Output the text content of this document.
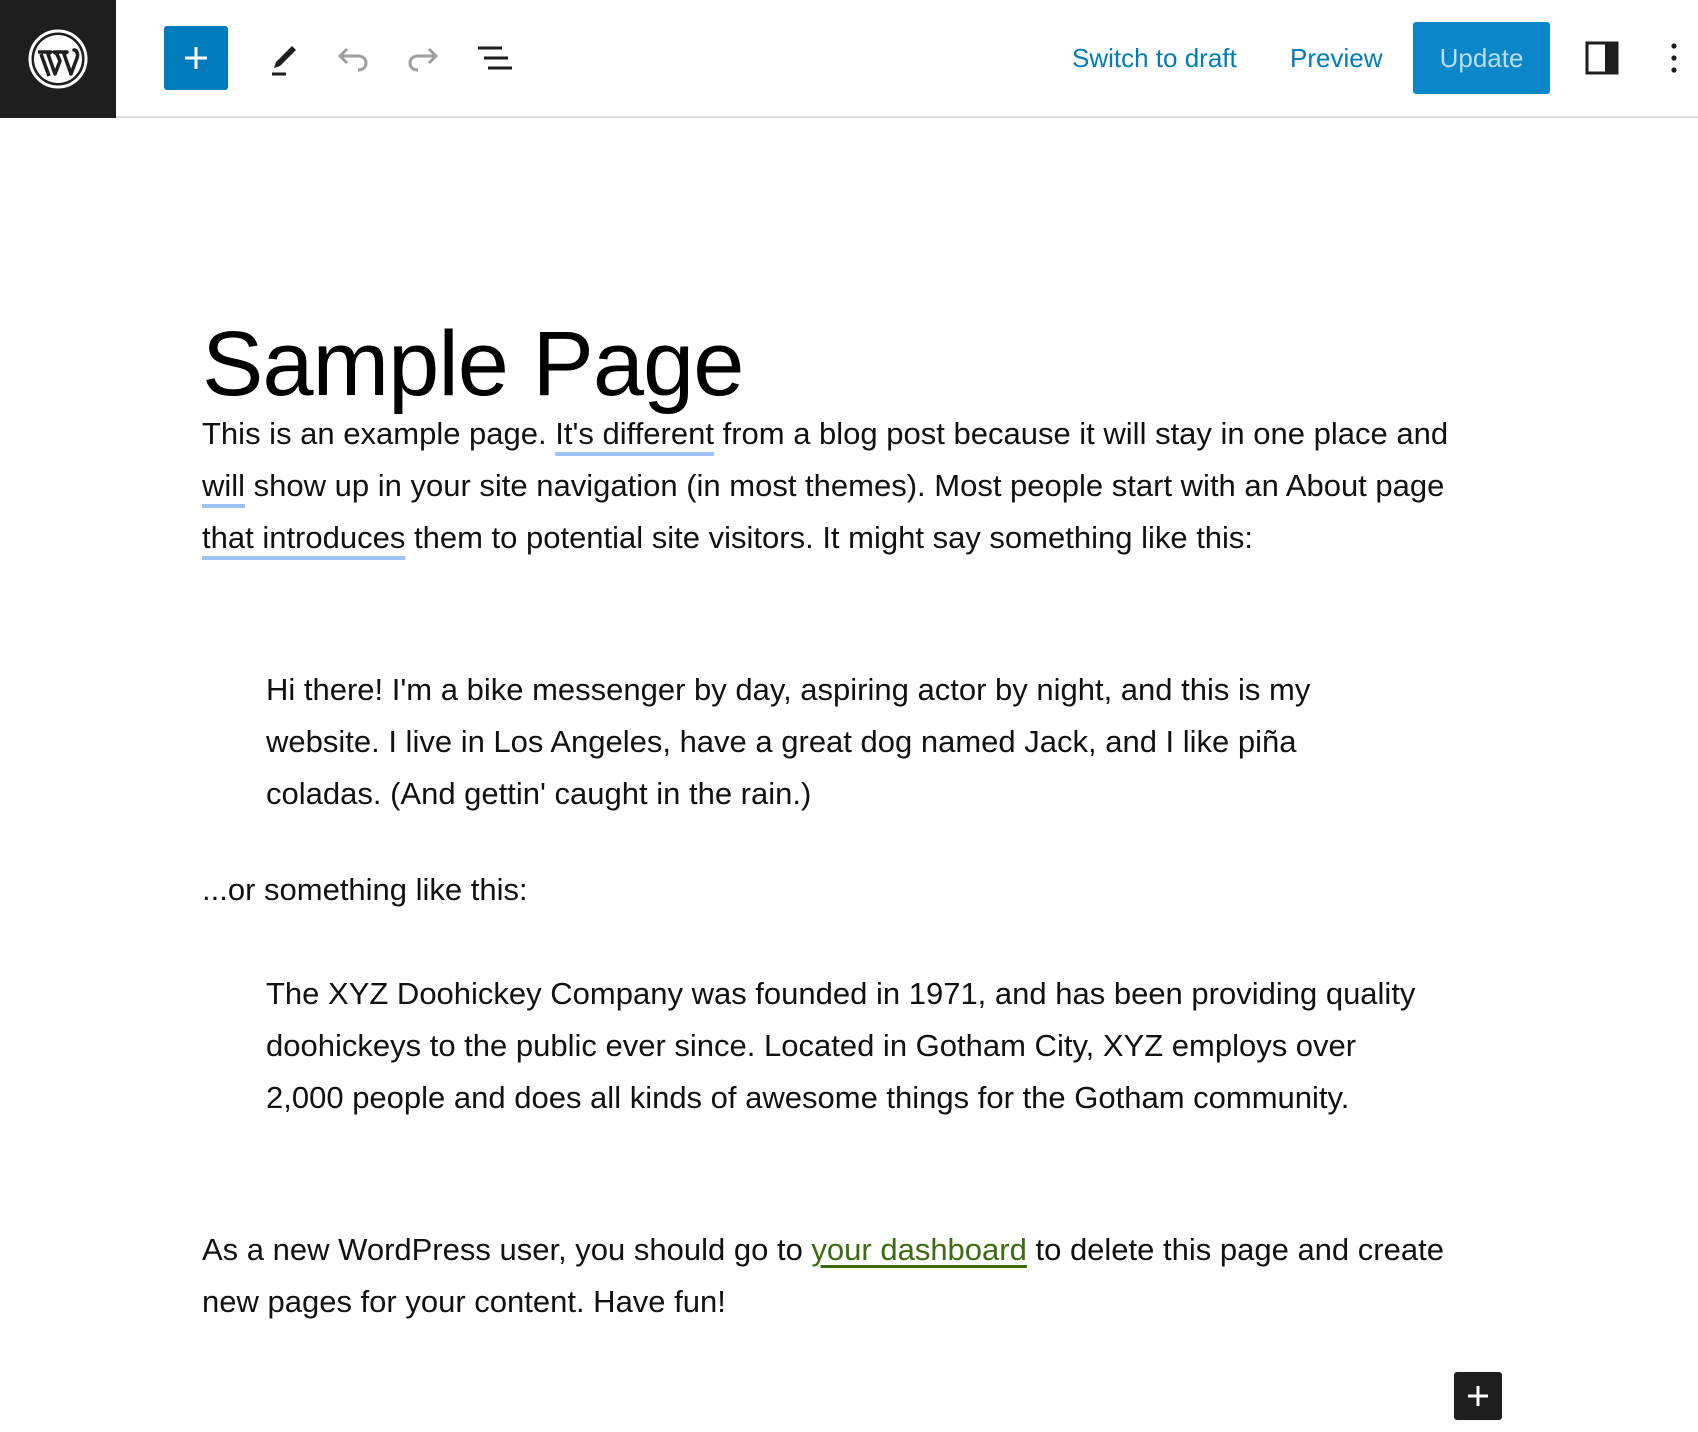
Switch to draft Preview	Update
Sample Page

This is an example page. It's different from a blog post because it will stay in one place and will show up in your site navigation (in most themes). Most people start with an About page that introduces them to potential site visitors. It might say something like this:

Hi there! I'm a bike messenger by day, aspiring actor by night, and this is my website. I live in Los Angeles, have a great dog named Jack, and I like piña coladas. (And gettin' caught in the rain.)

...or something like this:

The XYZ Doohickey Company was founded in 1971, and has been providing quality doohickeys to the public ever since. Located in Gotham City, XYZ employs over 2,000 people and does all kinds of awesome things for the Gotham community.

As a new WordPress user, you should go to your dashboard to delete this page and create new pages for your content. Have fun!
